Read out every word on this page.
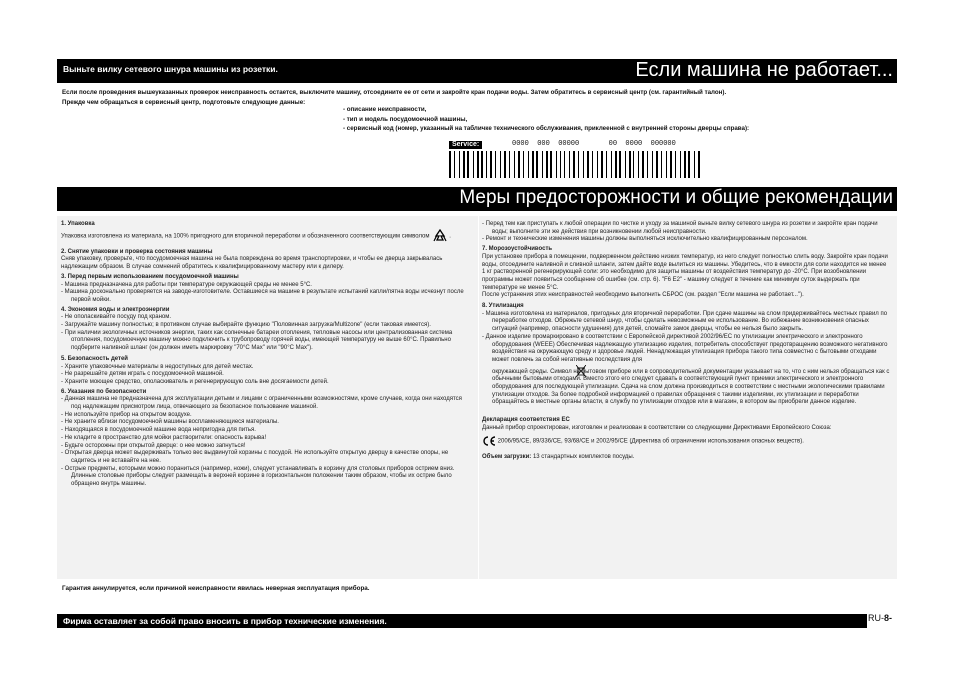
Выньте вилку сетевого шнура машины из розетки.	Если машина не работает...
Если после проведения вышеуказанных проверок неисправность остается, выключите машину, отсоедините ее от сети и закройте кран подачи воды. Затем обратитесь в сервисный центр (см. гарантийный талон).
Прежде чем обращаться в сервисный центр, подготовьте следующие данные:
- описание неисправности,
- тип и модель посудомоечной машины,
- сервисный код (номер, указанный на табличке технического обслуживания, приклеенной с внутренней стороны дверцы справа):
Service:	0000  000  00000       00  0000  000000
Меры предосторожности и общие рекомендации
1. Упаковка
Упаковка изготовлена из материала, на 100% пригодного для вторичной переработки и обозначенного соответствующим символом	.
2. Снятие упаковки и проверка состояния машины
Сняв упаковку, проверьте, что посудомоечная машина не была повреждена во время транспортировки, и чтобы ее дверца закрывалась надлежащим образом. В случае сомнений обратитесь к квалифицированному мастеру или к дилеру.
3. Перед первым использованием посудомоечной машины
- Машина предназначена для работы при температуре окружающей среды не менее 5°C.
- Машина досконально проверяется на заводе-изготовителе. Оставшиеся на машине в результате испытаний капли/пятна воды исчезнут после первой мойки.
4. Экономия воды и электроэнергии
- Не ополаскивайте посуду под краном.
- Загружайте машину полностью; в противном случае выбирайте функцию "Половинная загрузка/Multizone" (если таковая имеется).
- При наличии экологичных источников энергии, таких как солнечные батареи отопления, тепловые насосы или централизованная система отопления, посудомоечную машину можно подключить к трубопроводу горячей воды, имеющей температуру не выше 60°C. Правильно подберите наливной шланг (он должен иметь маркировку "70°C Max" или "90°C Max").
5. Безопасность детей
- Храните упаковочные материалы в недоступных для детей местах.
- Не разрешайте детям играть с посудомоечной машиной.
- Храните моющее средство, ополаскиватель и регенерирующую соль вне досягаемости детей.
6. Указания по безопасности
- Данная машина не предназначена для эксплуатации детьми и лицами с ограниченными возможностями, кроме случаев, когда они находятся под надлежащим присмотром лица, отвечающего за безопасное пользование машиной.
- Не используйте прибор на открытом воздухе.
- Не храните вблизи посудомоечной машины воспламеняющиеся материалы.
- Находящаяся в посудомоечной машине вода непригодна для питья.
- Не кладите в пространство для мойки растворители: опасность взрыва!
- Будьте осторожны при открытой дверце: о нее можно запнуться!
- Открытая дверца может выдерживать только вес выдвинутой корзины с посудой. Не используйте открытую дверцу в качестве опоры, не садитесь и не вставайте на нее.
- Острые предметы, которыми можно пораниться (например, ножи), следует устанавливать в корзину для столовых приборов острием вниз. Длинные столовые приборы следует размещать в верхней корзине в горизонтальном положении таким образом, чтобы их острие было обращено внутрь машины.
- Перед тем как приступать к любой операции по чистке и уходу за машиной выньте вилку сетевого шнура из розетки и закройте кран подачи воды; выполните эти же действия при возникновении любой неисправности.
- Ремонт и технические изменения машины должны выполняться исключительно квалифицированным персоналом.
7. Морозоустойчивость
При установке прибора в помещении, подверженном действию низких температур, из него следует полностью слить воду. Закройте кран подачи воды, отсоедините наливной и сливной шланги, затем дайте воде вылиться из машины. Убедитесь, что в емкости для соли находится не менее 1 кг растворенной регенерирующей соли: это необходимо для защиты машины от воздействия температур до -20°C. При возобновлении программы может появиться сообщение об ошибке (см. стр. 6). "F6 E2" - машину следует в течение как минимум суток выдержать при температуре не менее 5°C.
После устранения этих неисправностей необходимо выполнить СБРОС (см. раздел "Если машина не работает...").
8. Утилизация
- Машина изготовлена из материалов, пригодных для вторичной переработки. При сдаче машины на слом придерживайтесь местных правил по переработке отходов. Обрежьте сетевой шнур, чтобы сделать невозможным ее использование. Во избежание возникновения опасных ситуаций (например, опасности удушения) для детей, сломайте замок дверцы, чтобы ее нельзя было закрыть.
- Данное изделие промаркировано в соответствии с Европейской директивой 2002/96/EC по утилизации электрического и электронного оборудования (WEEE) Обеспечивая надлежащую утилизацию изделия, потребитель способствует предотвращению возможного негативного воздействия на окружающую среду и здоровье людей. Ненадлежащая утилизация прибора такого типа совместно с бытовыми отходами может повлечь за собой негативные последствия для
окружающей среды. Символ на бытовом приборе или в сопроводительной документации указывает на то, что с ним нельзя обращаться как с обычными бытовыми отходами. Вместо этого его следует сдавать в соответствующий пункт приемки электрического и электронного оборудования для последующей утилизации. Сдача на слом должна производиться в соответствии с местными экологическими правилами утилизации отходов. За более подробной информацией о правилах обращения с такими изделиями, их утилизации и переработки обращайтесь в местные органы власти, в службу по утилизации отходов или в магазин, в котором вы приобрели данное изделие.
Декларация соответствия ЕС
Данный прибор спроектирован, изготовлен и реализован в соответствии со следующими Директивами Европейского Союза:
2006/95/CE, 89/336/CE, 93/68/CE и 2002/95/CE (Директива об ограничении использования опасных веществ).
Объем загрузки: 13 стандартных комплектов посуды.
Гарантия аннулируется, если причиной неисправности явилась неверная эксплуатация прибора.
Фирма оставляет за собой право вносить в прибор технические изменения.	RU-8-
